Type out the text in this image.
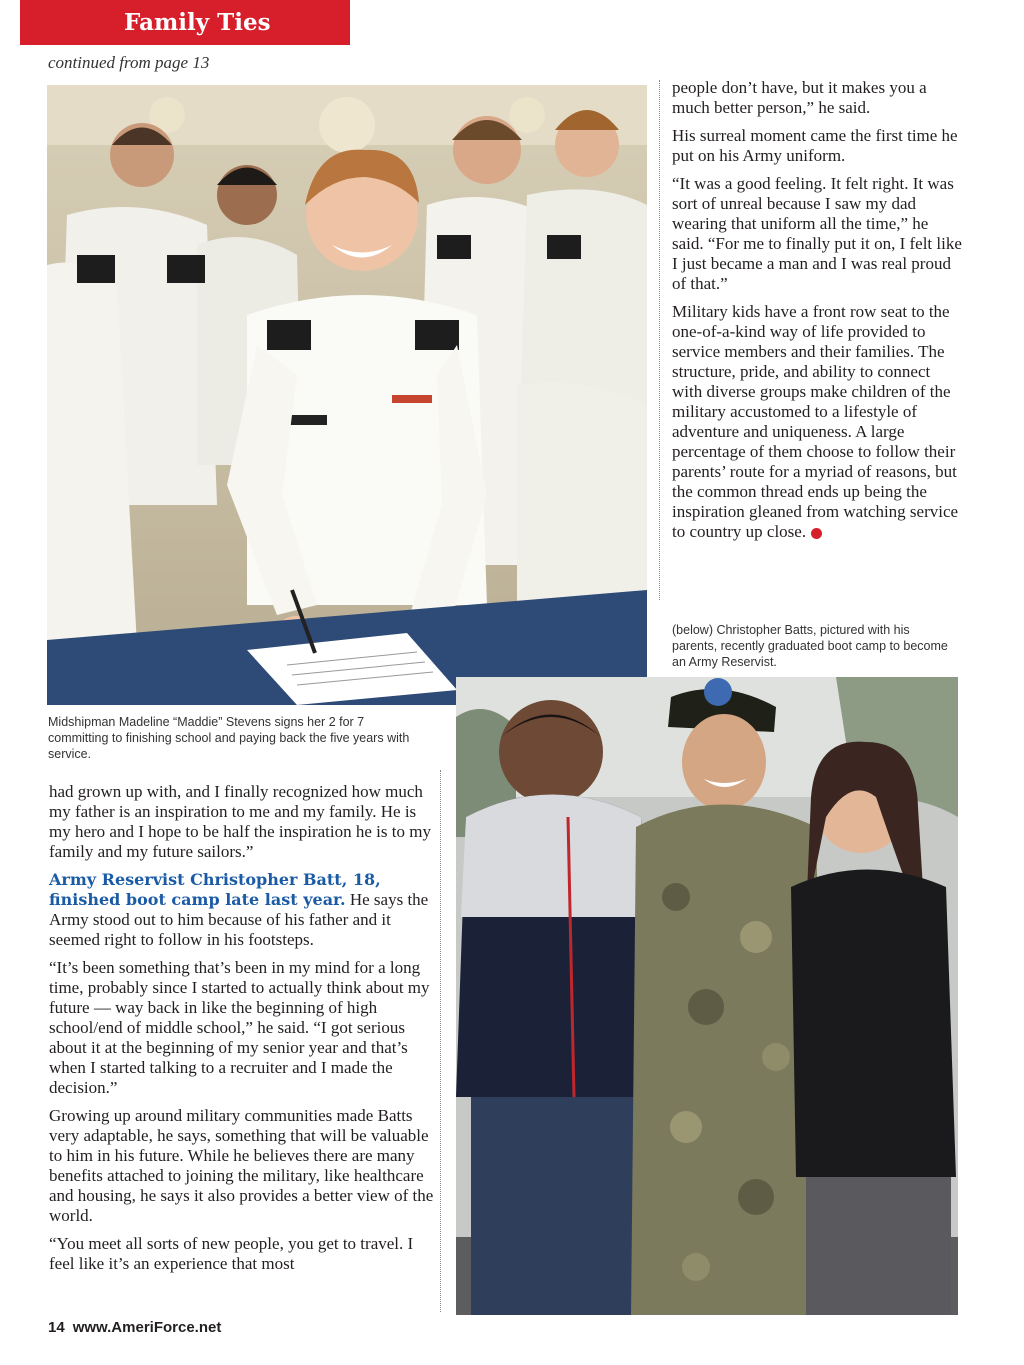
Family Ties
continued from page 13
Midshipman Madeline “Maddie” Stevens signs her 2 for 7 committing to finishing school and paying back the five years with service.

people don’t have, but it makes you a much better person,” he said.

His surreal moment came the first time he put on his Army uniform.

“It was a good feeling. It felt right. It was sort of unreal because I saw my dad wearing that uniform all the time,” he said. “For me to finally put it on, I felt like I just became a man and I was real proud of that.”

Military kids have a front row seat to the one-of-a-kind way of life provided to service members and their families. The structure, pride, and ability to connect with diverse groups make children of the military accustomed to a lifestyle of adventure and uniqueness. A large percentage of them choose to follow their parents’ route for a myriad of reasons, but the common thread ends up being the inspiration gleaned from watching service to country up close.

(below) Christopher Batts, pictured with his parents, recently graduated boot camp to become an Army Reservist.

had grown up with, and I finally recognized how much my father is an inspiration to me and my family. He is my hero and I hope to be half the inspiration he is to my family and my future sailors.”

Army Reservist Christopher Batt, 18, finished boot camp late last year. He says the Army stood out to him because of his father and it seemed right to follow in his footsteps.

“It’s been something that’s been in my mind for a long time, probably since I started to actually think about my future — way back in like the beginning of high school/end of middle school,” he said. “I got serious about it at the beginning of my senior year and that’s when I started talking to a recruiter and I made the decision.”

Growing up around military communities made Batts very adaptable, he says, something that will be valuable to him in his future. While he believes there are many benefits attached to joining the military, like healthcare and housing, he says it also provides a better view of the world.

“You meet all sorts of new people, you get to travel. I feel like it’s an experience that most

14 www.AmeriForce.net
